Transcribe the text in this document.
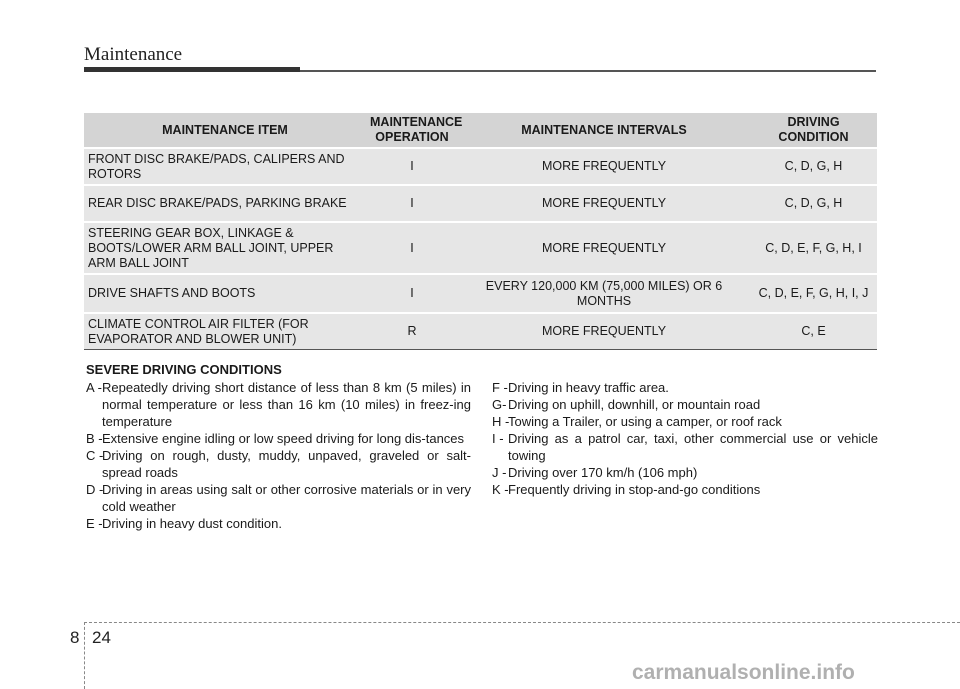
Maintenance
MAINTENANCE ITEM	MAINTENANCE OPERATION	MAINTENANCE INTERVALS	DRIVING CONDITION
FRONT DISC BRAKE/PADS, CALIPERS AND ROTORS	I	MORE FREQUENTLY	C, D, G, H
REAR DISC BRAKE/PADS, PARKING BRAKE	I	MORE FREQUENTLY	C, D, G, H
STEERING GEAR BOX, LINKAGE & BOOTS/LOWER ARM BALL JOINT, UPPER ARM BALL JOINT	I	MORE FREQUENTLY	C, D, E, F, G, H, I
DRIVE SHAFTS AND BOOTS	I	EVERY 120,000 KM (75,000 MILES) OR 6 MONTHS	C, D, E, F, G, H, I, J
CLIMATE CONTROL AIR FILTER (FOR EVAPORATOR AND BLOWER UNIT)	R	MORE FREQUENTLY	C, E
SEVERE DRIVING CONDITIONS
A - Repeatedly driving short distance of less than 8 km (5 miles) in normal temperature or less than 16 km (10 miles) in freez-ing temperature
B - Extensive engine idling or low speed driving for long dis-tances
C -
Driving on rough, dusty, muddy, unpaved, graveled or salt-spread roads
D -
Driving in areas using salt or other corrosive materials or in very cold weather
E - Driving in heavy dust condition.
F - Driving in heavy traffic area.
G- Driving on uphill, downhill, or mountain road
H -
Towing a Trailer, or using a camper, or roof rack
I - Driving as a patrol car, taxi, other commercial use or vehicle towing
J - Driving over 170 km/h (106 mph)
K - Frequently driving in stop-and-go conditions
8 24
carmanualsonline.info
